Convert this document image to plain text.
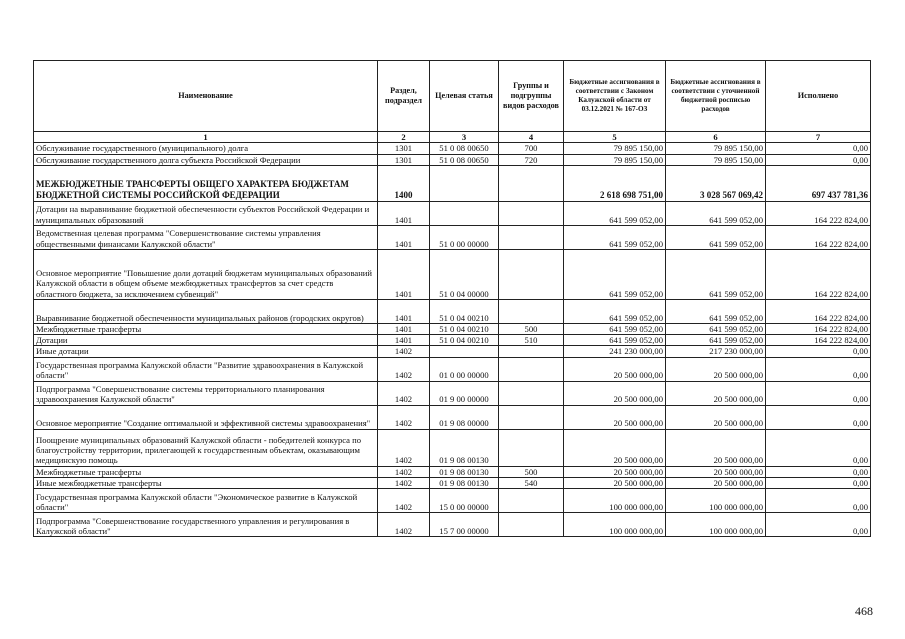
Наименование	Раздел, подраздел	Целевая статья	Группы и подгруппы видов расходов	Бюджетные ассигнования в соответствии с Законом Калужской области от 03.12.2021 № 167-ОЗ	Бюджетные ассигнования в соответствии с уточненной бюджетной росписью расходов	Исполнено
1	2	3	4	5	6	7
Обслуживание государственного (муниципального) долга	1301	51 0 08 00650	700	79 895 150,00	79 895 150,00	0,00
Обслуживание государственного долга субъекта Российской Федерации	1301	51 0 08 00650	720	79 895 150,00	79 895 150,00	0,00
МЕЖБЮДЖЕТНЫЕ ТРАНСФЕРТЫ ОБЩЕГО ХАРАКТЕРА БЮДЖЕТАМ БЮДЖЕТНОЙ СИСТЕМЫ РОССИЙСКОЙ ФЕДЕРАЦИИ	1400			2 618 698 751,00	3 028 567 069,42	697 437 781,36
Дотации на выравнивание бюджетной обеспеченности субъектов Российской Федерации и муниципальных образований	1401			641 599 052,00	641 599 052,00	164 222 824,00
Ведомственная целевая программа "Совершенствование системы управления общественными финансами Калужской области"	1401	51 0 00 00000		641 599 052,00	641 599 052,00	164 222 824,00
Основное мероприятие "Повышение доли дотаций бюджетам муниципальных образований Калужской области в общем объеме межбюджетных трансфертов за счет средств областного бюджета, за исключением субвенций"	1401	51 0 04 00000		641 599 052,00	641 599 052,00	164 222 824,00
Выравнивание бюджетной обеспеченности муниципальных районов (городских округов)	1401	51 0 04 00210		641 599 052,00	641 599 052,00	164 222 824,00
Межбюджетные трансферты	1401	51 0 04 00210	500	641 599 052,00	641 599 052,00	164 222 824,00
Дотации	1401	51 0 04 00210	510	641 599 052,00	641 599 052,00	164 222 824,00
Иные дотации	1402			241 230 000,00	217 230 000,00	0,00
Государственная программа Калужской области "Развитие здравоохранения в Калужской области"	1402	01 0 00 00000		20 500 000,00	20 500 000,00	0,00
Подпрограмма "Совершенствование системы территориального планирования здравоохранения Калужской области"	1402	01 9 00 00000		20 500 000,00	20 500 000,00	0,00
Основное мероприятие "Создание оптимальной и эффективной системы здравоохранения"	1402	01 9 08 00000		20 500 000,00	20 500 000,00	0,00
Поощрение муниципальных образований Калужской области - победителей конкурса по благоустройству территории, прилегающей к государственным объектам, оказывающим медицинскую помощь	1402	01 9 08 00130		20 500 000,00	20 500 000,00	0,00
Межбюджетные трансферты	1402	01 9 08 00130	500	20 500 000,00	20 500 000,00	0,00
Иные межбюджетные трансферты	1402	01 9 08 00130	540	20 500 000,00	20 500 000,00	0,00
Государственная программа Калужской области "Экономическое развитие в Калужской области"	1402	15 0 00 00000		100 000 000,00	100 000 000,00	0,00
Подпрограмма "Совершенствование государственного управления и регулирования в Калужской области"	1402	15 7 00 00000		100 000 000,00	100 000 000,00	0,00
468
